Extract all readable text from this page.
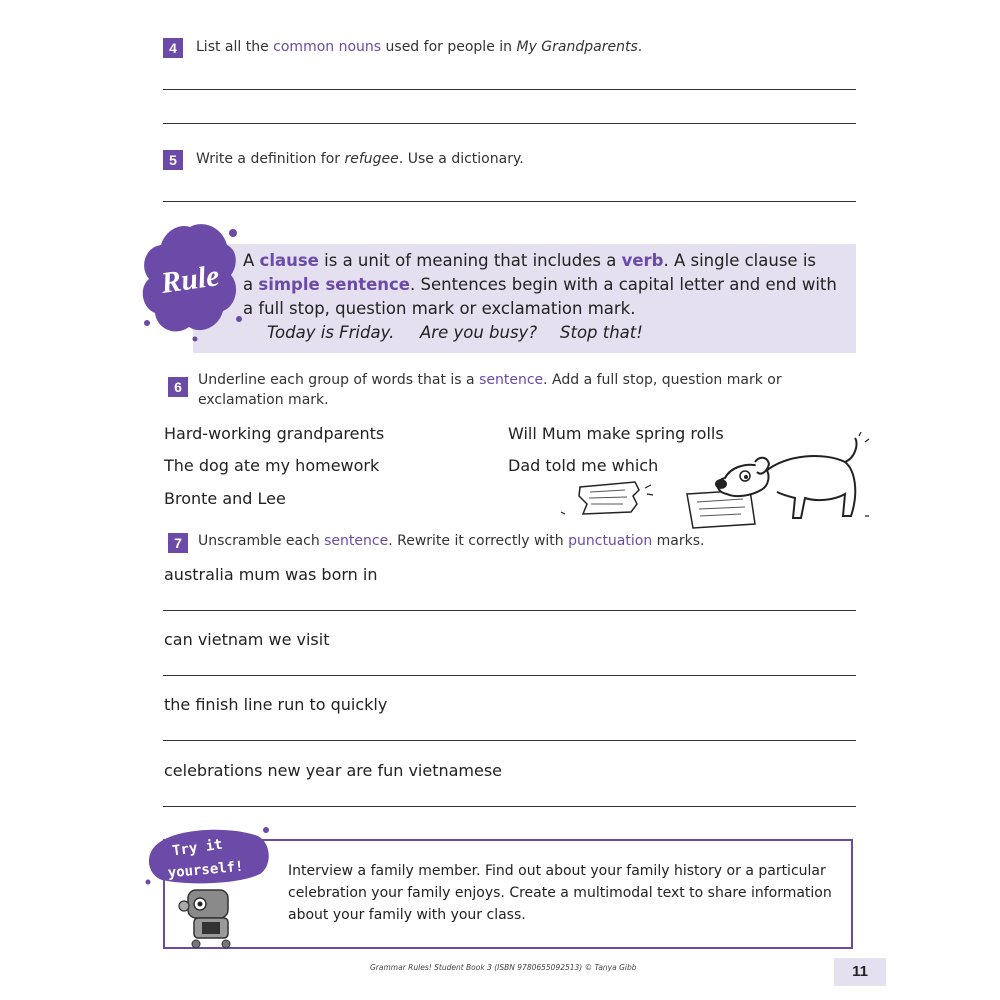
4	List all the common nouns used for people in My Grandparents.
5	Write a definition for refugee. Use a dictionary.
Rule A clause is a unit of meaning that includes a verb. A single clause is
a simple sentence. Sentences begin with a capital letter and end with
a full stop, question mark or exclamation mark.
Today is Friday. Are you busy? Stop that!
6	Underline each group of words that is a sentence. Add a full stop, question mark or
exclamation mark.
Hard-working grandparents
The dog ate my homework
Bronte and Lee
Will Mum make spring rolls
Dad told me which
7	Unscramble each sentence. Rewrite it correctly with punctuation marks.
australia mum was born in
can vietnam we visit
the finish line run to quickly
celebrations new year are fun vietnamese
Try it
yourself!	Interview a family member. Find out about your family history or a particular
celebration your family enjoys. Create a multimodal text to share information
about your family with your class.
Grammar Rules! Student Book 3 (ISBN 9780655092513) © Tanya Gibb	11
